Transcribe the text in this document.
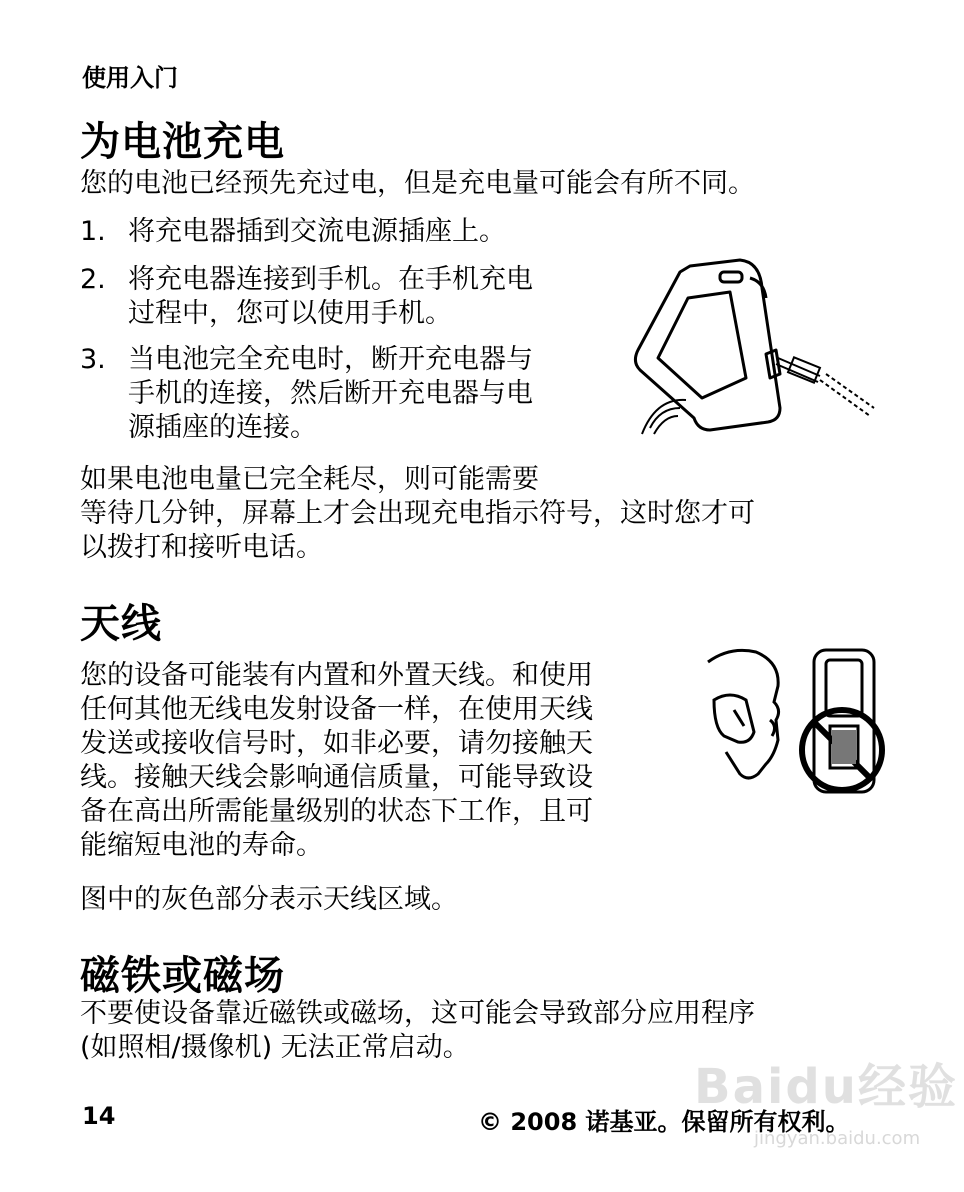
使用入门
为电池充电
您的电池已经预先充过电，但是充电量可能会有所不同。
1. 将充电器插到交流电源插座上。
2. 将充电器连接到手机。在手机充电
过程中，您可以使用手机。
3. 当电池完全充电时，断开充电器与
手机的连接，然后断开充电器与电
源插座的连接。
如果电池电量已完全耗尽，则可能需要
等待几分钟，屏幕上才会出现充电指示符号，这时您才可
以拨打和接听电话。
天线
您的设备可能装有内置和外置天线。和使用
任何其他无线电发射设备一样，在使用天线
发送或接收信号时，如非必要，请勿接触天
线。接触天线会影响通信质量，可能导致设
备在高出所需能量级别的状态下工作，且可
能缩短电池的寿命。
图中的灰色部分表示天线区域。
磁铁或磁场
不要使设备靠近磁铁或磁场，这可能会导致部分应用程序
(如照相/摄像机) 无法正常启动。
Baidu经验
jingyan.baidu.com
14	© 2008 诺基亚。保留所有权利。
